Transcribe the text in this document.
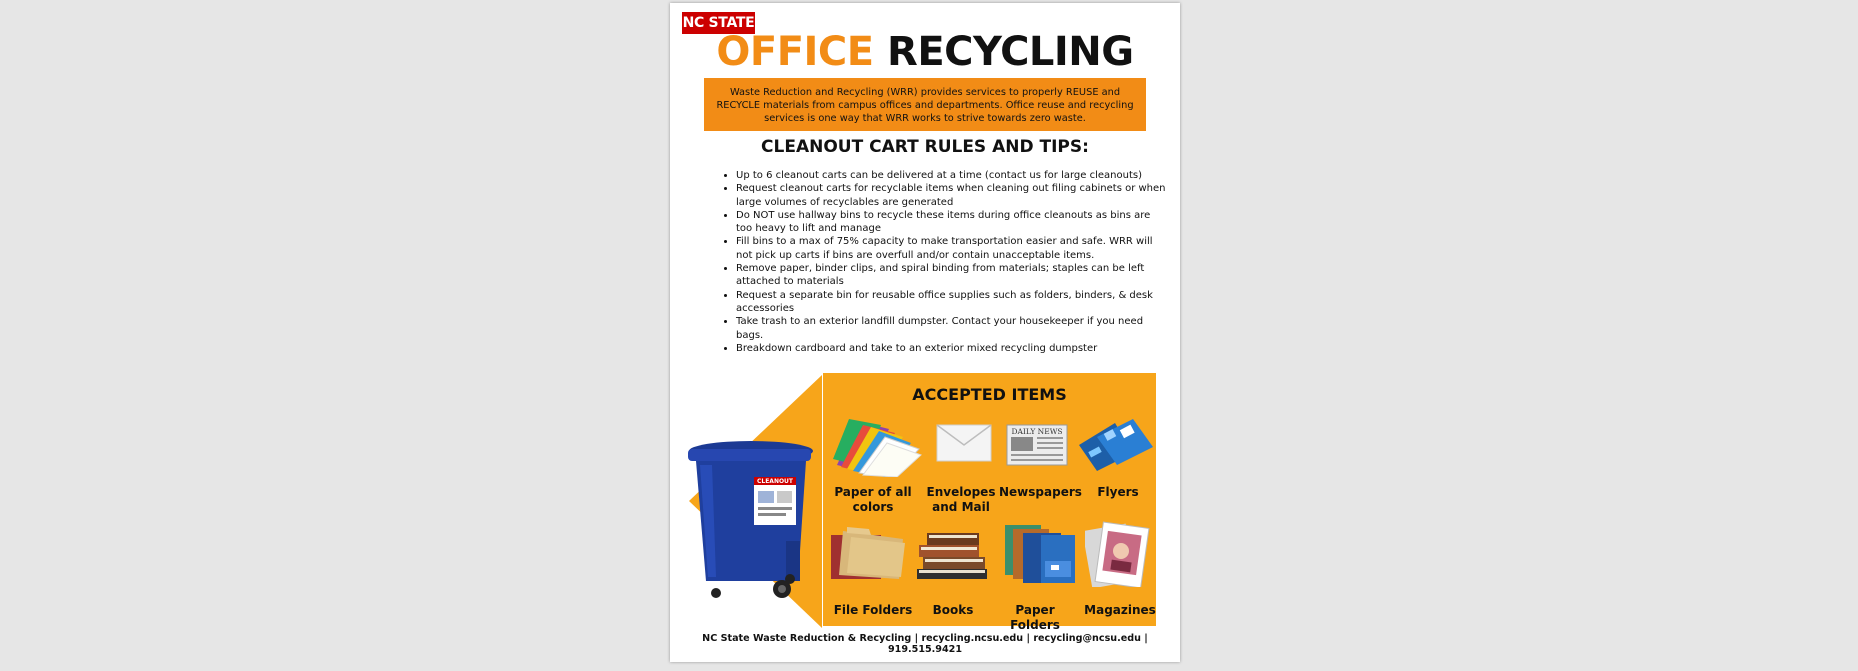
NC STATE
OFFICE RECYCLING

Waste Reduction and Recycling (WRR) provides services to properly REUSE and RECYCLE materials from campus offices and departments. Office reuse and recycling services is one way that WRR works to strive towards zero waste.

CLEANOUT CART RULES AND TIPS:
• Up to 6 cleanout carts can be delivered at a time (contact us for large cleanouts)
• Request cleanout carts for recyclable items when cleaning out filing cabinets or when large volumes of recyclables are generated
• Do NOT use hallway bins to recycle these items during office cleanouts as bins are too heavy to lift and manage
• Fill bins to a max of 75% capacity to make transportation easier and safe. WRR will not pick up carts if bins are overfull and/or contain unacceptable items.
• Remove paper, binder clips, and spiral binding from materials; staples can be left attached to materials
• Request a separate bin for reusable office supplies such as folders, binders, & desk accessories
• Take trash to an exterior landfill dumpster. Contact your housekeeper if you need bags.
• Breakdown cardboard and take to an exterior mixed recycling dumpster
CLEANOUT
ACCEPTED ITEMS
DAILY NEWS
Paper of all colors
Envelopes and Mail
Newspapers	Flyers
File Folders	Books	Paper Folders
Magazines
NC State Waste Reduction & Recycling | recycling.ncsu.edu | recycling@ncsu.edu | 919.515.9421
